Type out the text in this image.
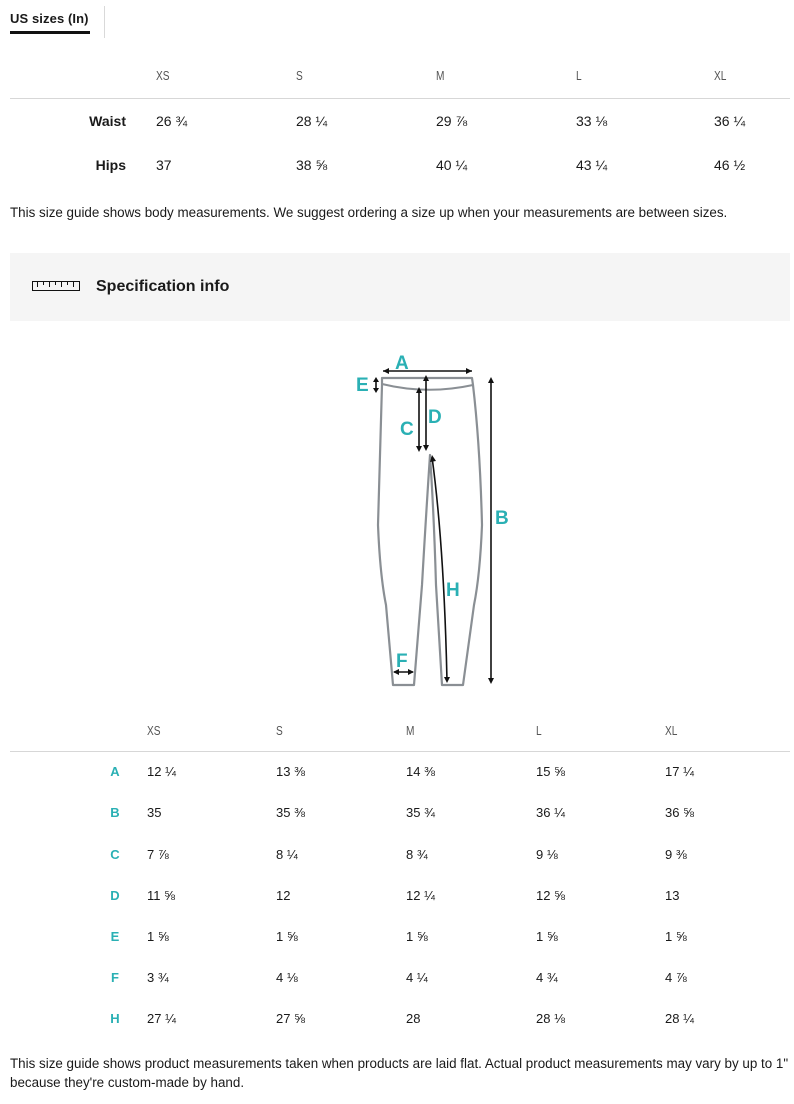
US sizes (In)
XS	S	M	L	XL
Waist 26 ¾	28 ¼	29 ⅞	33 ⅛	36 ¼
Hips 37	38 ⅝	40 ¼	43 ¼	46 ½
This size guide shows body measurements. We suggest ordering a size up when your measurements are between sizes.
Specification info
A
E
C
D
B
H
F
XS	S	M	L	XL
A	12 ¼	13 ⅜	14 ⅜	15 ⅝	17 ¼
B	35	35 ⅜	35 ¾	36 ¼	36 ⅝
C	7 ⅞	8 ¼	8 ¾	9 ⅛	9 ⅜
D	11 ⅝	12	12 ¼	12 ⅝	13
E	1 ⅝	1 ⅝	1 ⅝	1 ⅝	1 ⅝
F	3 ¾	4 ⅛	4 ¼	4 ¾	4 ⅞
H	27 ¼	27 ⅝	28	28 ⅛	28 ¼
This size guide shows product measurements taken when products are laid flat. Actual product measurements may vary by up to 1"
because they're custom-made by hand.
